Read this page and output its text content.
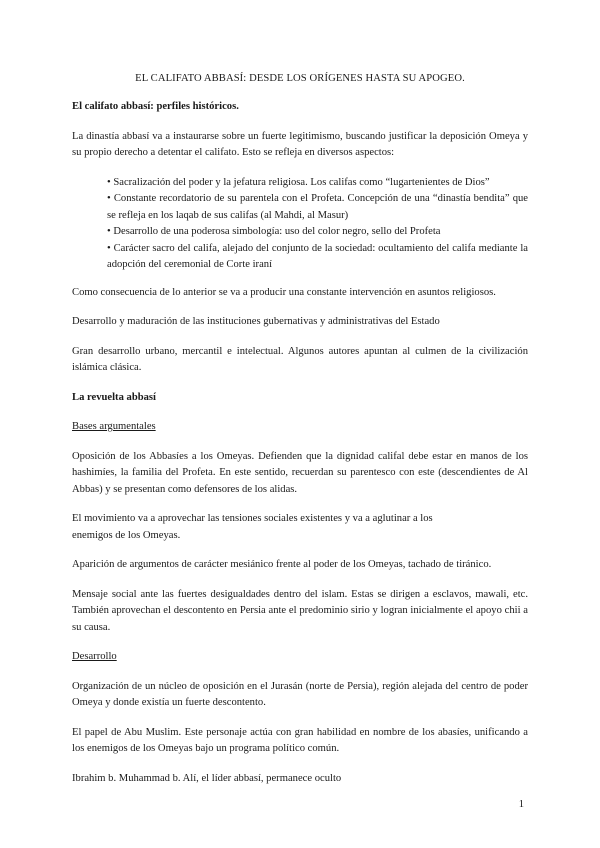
EL CALIFATO ABBASÍ: DESDE LOS ORÍGENES HASTA SU APOGEO.

El califato abbasí: perfiles históricos.

La dinastía abbasí va a instaurarse sobre un fuerte legitimismo, buscando justificar la deposición Omeya y su propio derecho a detentar el califato. Esto se refleja en diversos aspectos:

• Sacralización del poder y la jefatura religiosa. Los califas como “lugartenientes de Dios”
• Constante recordatorio de su parentela con el Profeta. Concepción de una “dinastía bendita” que se refleja en los laqab de sus califas (al Mahdi, al Masur)
• Desarrollo de una poderosa simbología: uso del color negro, sello del Profeta
• Carácter sacro del califa, alejado del conjunto de la sociedad: ocultamiento del califa mediante la adopción del ceremonial de Corte iraní

Como consecuencia de lo anterior se va a producir una constante intervención en asuntos religiosos.

Desarrollo y maduración de las instituciones gubernativas y administrativas del Estado

Gran desarrollo urbano, mercantil e intelectual. Algunos autores apuntan al culmen de la civilización islámica clásica.

La revuelta abbasí

Bases argumentales

Oposición de los Abbasíes a los Omeyas. Defienden que la dignidad califal debe estar en manos de los hashimíes, la familia del Profeta. En este sentido, recuerdan su parentesco con este (descendientes de Al Abbas) y se presentan como defensores de los alidas.

El movimiento va a aprovechar las tensiones sociales existentes y va a aglutinar a los
enemigos de los Omeyas.

Aparición de argumentos de carácter mesiánico frente al poder de los Omeyas, tachado de tiránico.

Mensaje social ante las fuertes desigualdades dentro del islam. Estas se dirigen a esclavos, mawali, etc. También aprovechan el descontento en Persia ante el predominio sirio y logran inicialmente el apoyo chii a su causa.

Desarrollo

Organización de un núcleo de oposición en el Jurasán (norte de Persia), región alejada del centro de poder Omeya y donde existía un fuerte descontento.

El papel de Abu Muslim. Este personaje actúa con gran habilidad en nombre de los abasíes, unificando a los enemigos de los Omeyas bajo un programa político común.

Ibrahim b. Muhammad b. Alí, el líder abbasí, permanece oculto

1
